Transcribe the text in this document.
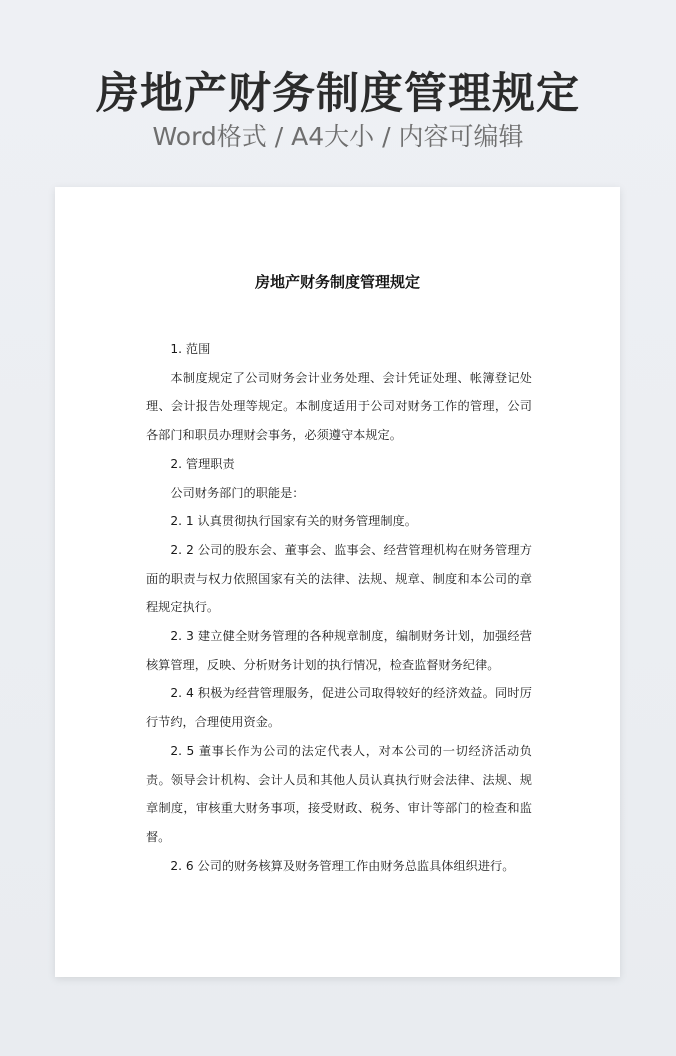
房地产财务制度管理规定
Word格式 / A4大小 / 内容可编辑
房地产财务制度管理规定

1. 范围

本制度规定了公司财务会计业务处理、会计凭证处理、帐簿登记处理、会计报告处理等规定。本制度适用于公司对财务工作的管理，公司各部门和职员办理财会事务，必须遵守本规定。

2. 管理职责

公司财务部门的职能是：

2. 1 认真贯彻执行国家有关的财务管理制度。

2. 2 公司的股东会、董事会、监事会、经营管理机构在财务管理方面的职责与权力依照国家有关的法律、法规、规章、制度和本公司的章程规定执行。

2. 3 建立健全财务管理的各种规章制度，编制财务计划，加强经营核算管理，反映、分析财务计划的执行情况，检查监督财务纪律。

2. 4 积极为经营管理服务，促进公司取得较好的经济效益。同时厉行节约，合理使用资金。

2. 5 董事长作为公司的法定代表人，对本公司的一切经济活动负责。领导会计机构、会计人员和其他人员认真执行财会法律、法规、规章制度，审核重大财务事项，接受财政、税务、审计等部门的检查和监督。

2. 6 公司的财务核算及财务管理工作由财务总监具体组织进行。
